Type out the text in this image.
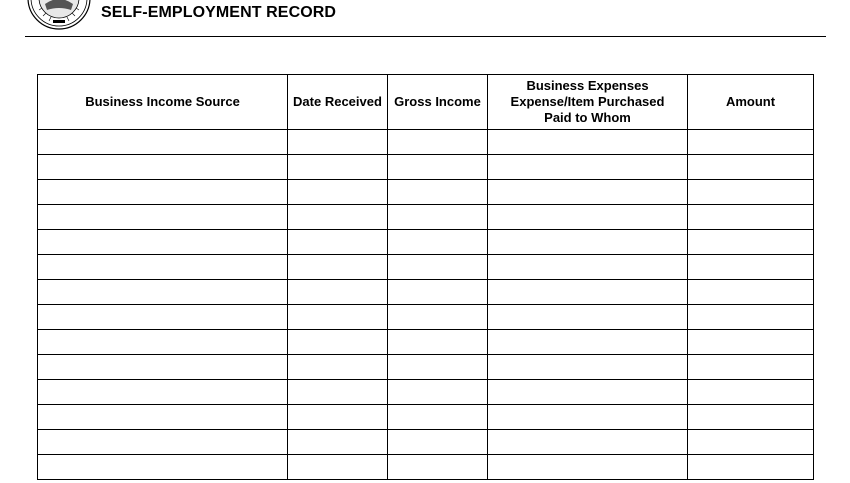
SELF-EMPLOYMENT RECORD
Business Income Source	Date Received	Gross Income	Business Expenses
Expense/Item Purchased
Paid to Whom	Amount
